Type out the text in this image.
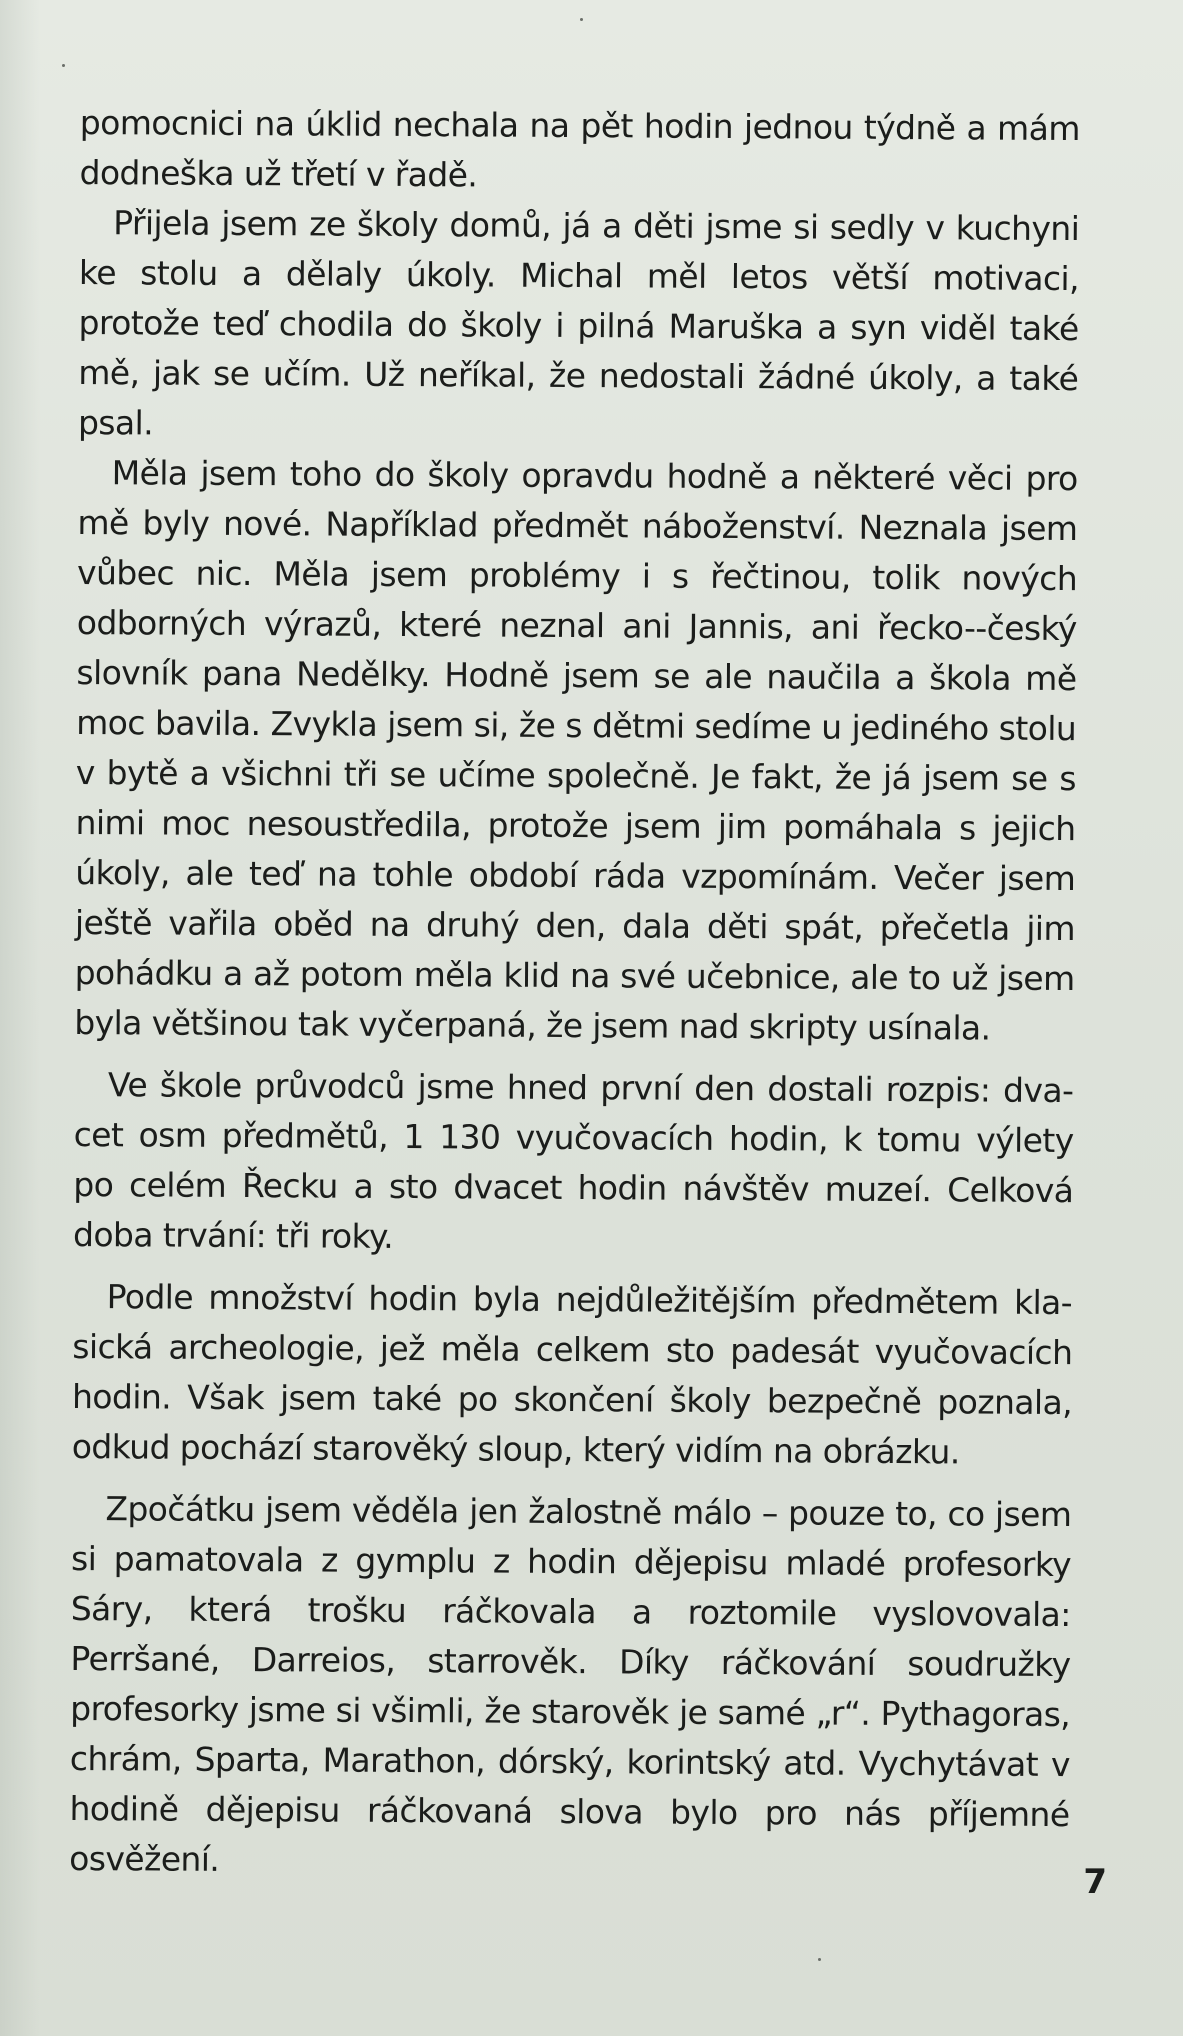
pomocnici na úklid nechala na pět hodin jednou týdně a mám dodneška už třetí v řadě.

Přijela jsem ze školy domů, já a děti jsme si sedly v kuchyni ke stolu a dělaly úkoly. Michal měl letos větší motivaci, protože teď chodila do školy i pilná Maruška a syn viděl také mě, jak se učím. Už neříkal, že nedostali žádné úkoly, a také psal.

Měla jsem toho do školy opravdu hodně a některé věci pro mě byly nové. Například předmět náboženství. Neznala jsem vůbec nic. Měla jsem problémy i s řečtinou, tolik nových odborných výrazů, které neznal ani Jannis, ani řecko--český slovník pana Nedělky. Hodně jsem se ale naučila a škola mě moc bavila. Zvykla jsem si, že s dětmi sedíme u jediného stolu v bytě a všichni tři se učíme společně. Je fakt, že já jsem se s nimi moc nesoustředila, protože jsem jim pomáhala s jejich úkoly, ale teď na tohle období ráda vzpomínám. Večer jsem ještě vařila oběd na druhý den, dala děti spát, přečetla jim pohádku a až potom měla klid na své učebnice, ale to už jsem byla většinou tak vyčerpaná, že jsem nad skripty usínala.

Ve škole průvodců jsme hned první den dostali rozpis: dvacet osm předmětů, 1 130 vyučovacích hodin, k tomu výlety po celém Řecku a sto dvacet hodin návštěv muzeí. Celková doba trvání: tři roky.

Podle množství hodin byla nejdůležitějším předmětem klasická archeologie, jež měla celkem sto padesát vyučovacích hodin. Však jsem také po skončení školy bezpečně poznala, odkud pochází starověký sloup, který vidím na obrázku.

Zpočátku jsem věděla jen žalostně málo – pouze to, co jsem si pamatovala z gymplu z hodin dějepisu mladé profesorky Sáry, která trošku ráčkovala a roztomile vyslovovala: Perršané, Darreios, starrověk. Díky ráčkování soudružky profesorky jsme si všimli, že starověk je samé „r“. Pythagoras, chrám, Sparta, Marathon, dórský, korintský atd. Vychytávat v hodině dějepisu ráčkovaná slova bylo pro nás příjemné osvěžení.

7
